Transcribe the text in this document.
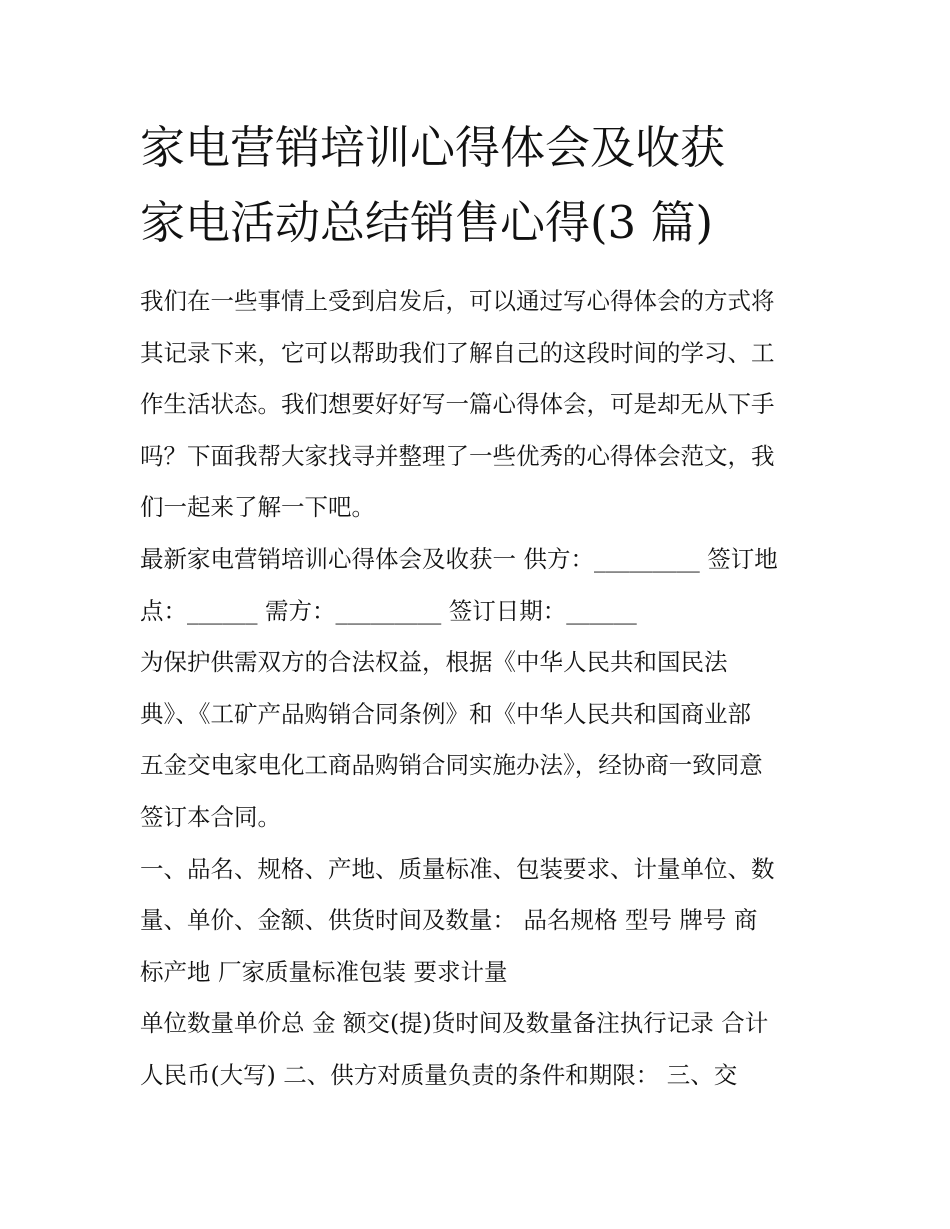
家电营销培训心得体会及收获
家电活动总结销售心得(3 篇)
我们在一些事情上受到启发后，可以通过写心得体会的方式将
其记录下来，它可以帮助我们了解自己的这段时间的学习、工
作生活状态。我们想要好好写一篇心得体会，可是却无从下手
吗？下面我帮大家找寻并整理了一些优秀的心得体会范文，我
们一起来了解一下吧。
最新家电营销培训心得体会及收获一 供方：_________ 签订地
点：______ 需方：_________ 签订日期：______
为保护供需双方的合法权益，根据《中华人民共和国民法
典》、《工矿产品购销合同条例》和《中华人民共和国商业部
五金交电家电化工商品购销合同实施办法》，经协商一致同意
签订本合同。
一、品名、规格、产地、质量标准、包装要求、计量单位、数
量、单价、金额、供货时间及数量： 品名规格 型号 牌号 商
标产地 厂家质量标准包装 要求计量
单位数量单价总 金 额交(提)货时间及数量备注执行记录 合计
人民币(大写) 二、供方对质量负责的条件和期限： 三、交
